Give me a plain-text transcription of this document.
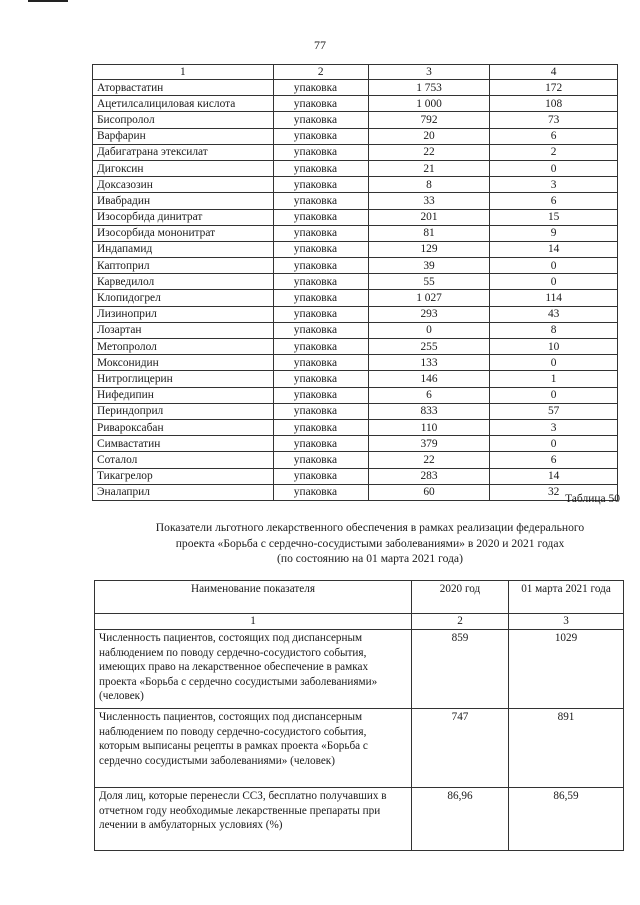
77
1	2	3	4
Аторвастатин	упаковка	1 753	172
Ацетилсалициловая кислота	упаковка	1 000	108
Бисопролол	упаковка	792	73
Варфарин	упаковка	20	6
Дабигатрана этексилат	упаковка	22	2
Дигоксин	упаковка	21	0
Доксазозин	упаковка	8	3
Ивабрадин	упаковка	33	6
Изосорбида динитрат	упаковка	201	15
Изосорбида мононитрат	упаковка	81	9
Индапамид	упаковка	129	14
Каптоприл	упаковка	39	0
Карведилол	упаковка	55	0
Клопидогрел	упаковка	1 027	114
Лизиноприл	упаковка	293	43
Лозартан	упаковка	0	8
Метопролол	упаковка	255	10
Моксонидин	упаковка	133	0
Нитроглицерин	упаковка	146	1
Нифедипин	упаковка	6	0
Периндоприл	упаковка	833	57
Ривароксабан	упаковка	110	3
Симвастатин	упаковка	379	0
Соталол	упаковка	22	6
Тикагрелор	упаковка	283	14
Эналаприл	упаковка	60	32
Таблица 50
Показатели льготного лекарственного обеспечения в рамках реализации федерального
проекта «Борьба с сердечно-сосудистыми заболеваниями» в 2020 и 2021 годах
(по состоянию на 01 марта 2021 года)
Наименование показателя	2020 год	01 марта 2021 года
1	2	3
Численность пациентов, состоящих под диспансерным наблюдением по поводу сердечно-сосудистого события, имеющих право на лекарственное обеспечение в рамках проекта «Борьба с сердечно сосудистыми заболеваниями» (человек)	859	1029
Численность пациентов, состоящих под диспансерным наблюдением по поводу сердечно-сосудистого события, которым выписаны рецепты в рамках проекта «Борьба с сердечно сосудистыми заболеваниями» (человек)	747	891
Доля лиц, которые перенесли ССЗ, бесплатно получавших в отчетном году необходимые лекарственные препараты при лечении в амбулаторных условиях (%)	86,96	86,59
